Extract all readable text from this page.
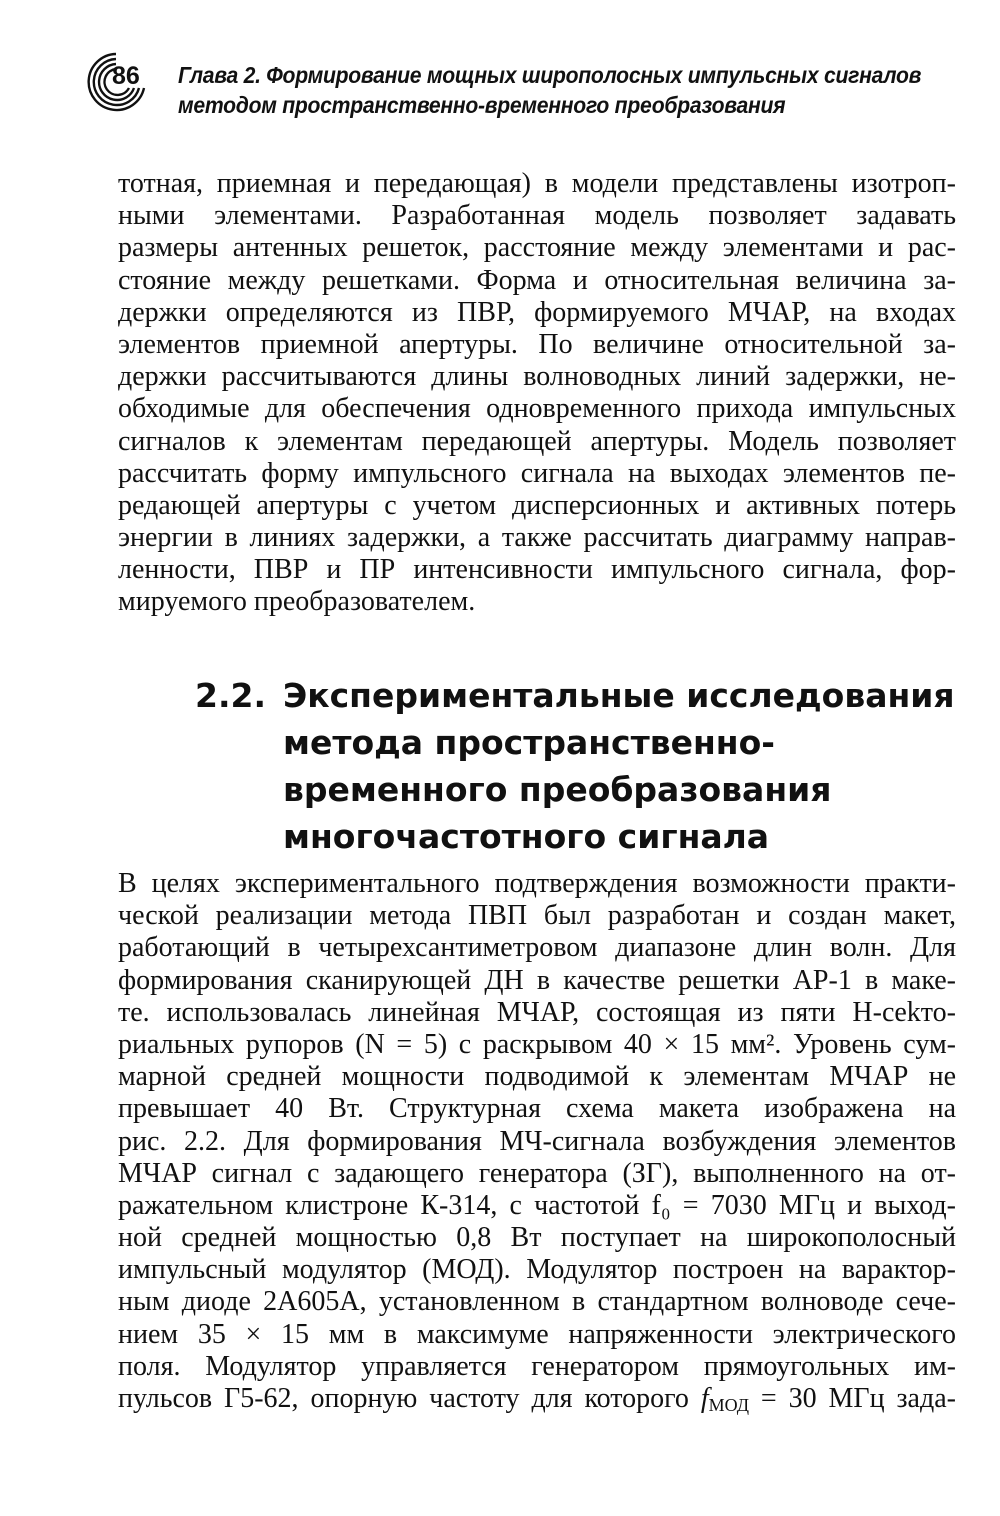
86 Глава 2. Формирование мощных широполосных импульсных сигналов
методом пространственно-временного преобразования
тотная, приемная и передающая) в модели представлены изотроп-
ными элементами. Разработанная модель позволяет задавать
размеры антенных решеток, расстояние между элементами и рас-
стояние между решетками. Форма и относительная величина за-
держки определяются из ПВР, формируемого МЧАР, на входах
элементов приемной апертуры. По величине относительной за-
держки рассчитываются длины волноводных линий задержки, не-
обходимые для обеспечения одновременного прихода импульсных
сигналов к элементам передающей апертуры. Модель позволяет
рассчитать форму импульсного сигнала на выходах элементов пе-
редающей апертуры с учетом дисперсионных и активных потерь
энергии в линиях задержки, а также рассчитать диаграмму направ-
ленности, ПВР и ПР интенсивности импульсного сигнала, фор-
мируемого преобразователем.
2.2. Экспериментальные исследования
метода пространственно-
временного преобразования
многочастотного сигнала
В целях экспериментального подтверждения возможности практи-
ческой реализации метода ПВП был разработан и создан макет,
работающий в четырехсантиметровом диапазоне длин волн. Для
формирования сканирующей ДН в качестве решетки АР-1 в маке-
те. использовалась линейная МЧАР, состоящая из пяти Н-сekто-
риальных рупоров (N = 5) с раскрывом 40 × 15 мм². Уровень сум-
марной средней мощности подводимой к элементам МЧАР не
превышает 40 Вт. Структурная схема макета изображена на
рис. 2.2. Для формирования МЧ-сигнала возбуждения элементов
МЧАР сигнал с задающего генератора (ЗГ), выполненного на от-
ражательном клистроне К-314, с частотой f₀ = 7030 МГц и выход-
ной средней мощностью 0,8 Вт поступает на широкополосный
импульсный модулятор (МОД). Модулятор построен на варактор-
ным диоде 2А605А, установленном в стандартном волноводе сече-
нием 35 × 15 мм в максимуме напряженности электрического
поля. Модулятор управляется генератором прямоугольных им-
пульсов Г5-62, опорную частоту для которого $f_{МОД} = 30$ МГц зада-
